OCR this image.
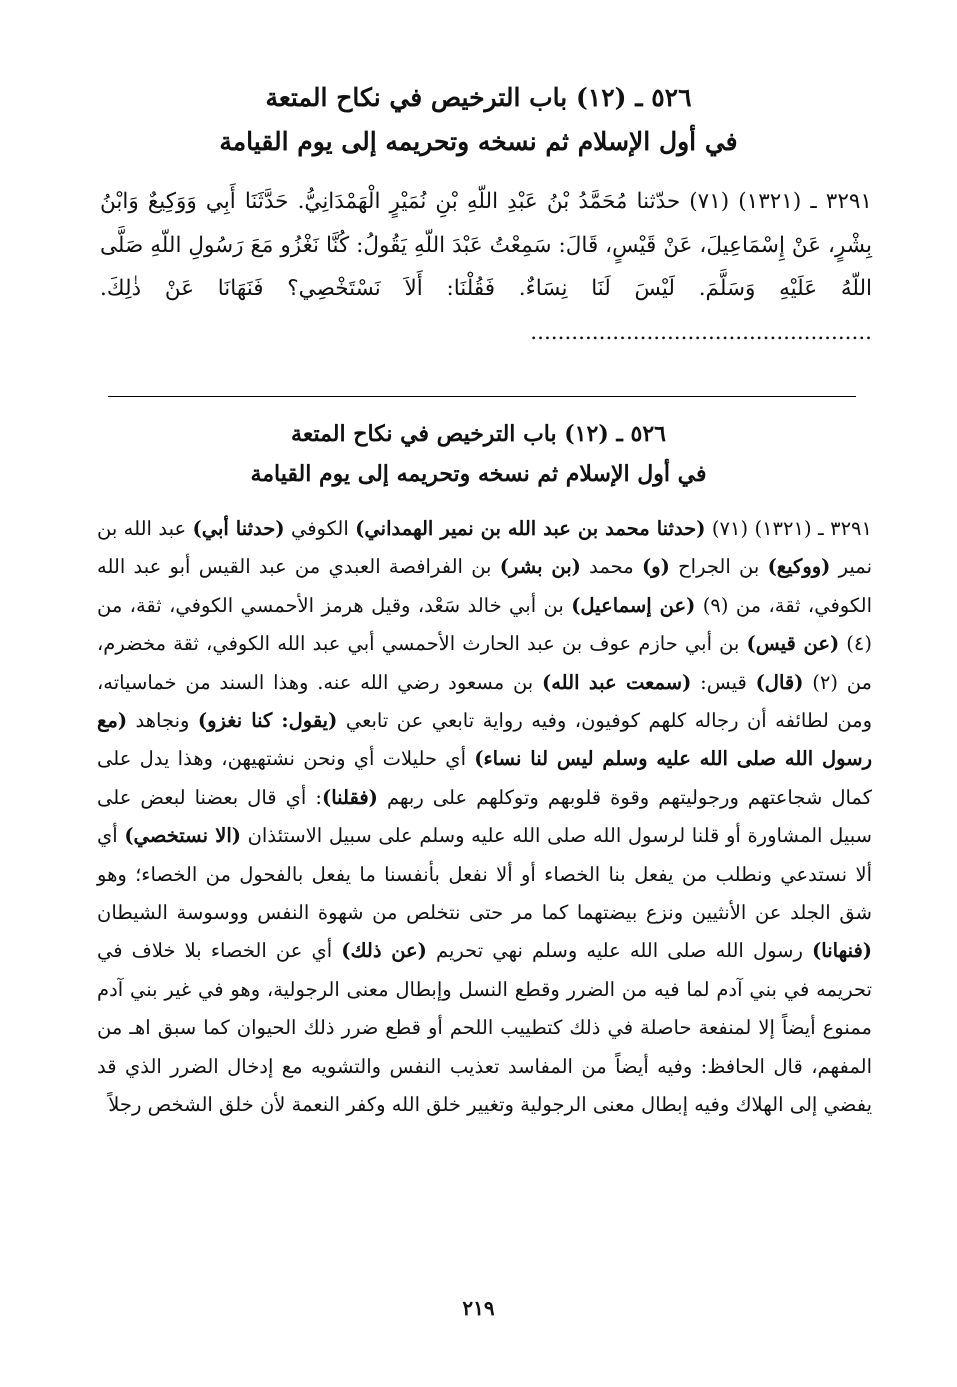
٥٢٦ ـ (١٢) باب الترخيص في نكاح المتعة
في أول الإسلام ثم نسخه وتحريمه إلى يوم القيامة
٣٢٩١ ـ (١٣٢١) (٧١) حدّثنا مُحَمَّدُ بْنُ عَبْدِ اللّهِ بْنِ نُمَيْرٍ الْهَمْدَانِيُّ. حَدَّثَنَا أَبِي وَوَكِيعٌ وَابْنُ بِشْرٍ، عَنْ إِسْمَاعِيلَ، عَنْ قَيْسٍ، قَالَ: سَمِعْتُ عَبْدَ اللّهِ يَقُولُ: كُنَّا نَغْزُو مَعَ رَسُولِ اللّهِ صَلَّى اللّهُ عَلَيْهِ وَسَلَّمَ. لَيْسَ لَنَا نِسَاءٌ. فَقُلْنَا: أَلاَ نَسْتَخْصِي؟ فَنَهَانَا عَنْ ذٰلِكَ. ..................................................
٥٢٦ ـ (١٢) باب الترخيص في نكاح المتعة
في أول الإسلام ثم نسخه وتحريمه إلى يوم القيامة
٣٢٩١ ـ (١٣٢١) (٧١) (حدثنا محمد بن عبد الله بن نمير الهمداني) الكوفي (حدثنا أبي) عبد الله بن نمير (ووكيع) بن الجراح (و) محمد (بن بشر) بن الفرافصة العبدي من عبد القيس أبو عبد الله الكوفي، ثقة، من (٩) (عن إسماعيل) بن أبي خالد سَعْد، وقيل هرمز الأحمسي الكوفي، ثقة، من (٤) (عن قيس) بن أبي حازم عوف بن عبد الحارث الأحمسي أبي عبد الله الكوفي، ثقة مخضرم، من (٢) (قال) قيس: (سمعت عبد الله) بن مسعود رضي الله عنه. وهذا السند من خماسياته، ومن لطائفه أن رجاله كلهم كوفيون، وفيه رواية تابعي عن تابعي (يقول: كنا نغزو) ونجاهد (مع رسول الله صلى الله عليه وسلم ليس لنا نساء) أي حليلات أي ونحن نشتهيهن، وهذا يدل على كمال شجاعتهم ورجوليتهم وقوة قلوبهم وتوكلهم على ربهم (فقلنا): أي قال بعضنا لبعض على سبيل المشاورة أو قلنا لرسول الله صلى الله عليه وسلم على سبيل الاستئذان (الا نستخصي) أي ألا نستدعي ونطلب من يفعل بنا الخصاء أو ألا نفعل بأنفسنا ما يفعل بالفحول من الخصاء؛ وهو شق الجلد عن الأنثيين ونزع بيضتهما كما مر حتى نتخلص من شهوة النفس ووسوسة الشيطان (فنهانا) رسول الله صلى الله عليه وسلم نهي تحريم (عن ذلك) أي عن الخصاء بلا خلاف في تحريمه في بني آدم لما فيه من الضرر وقطع النسل وإبطال معنى الرجولية، وهو في غير بني آدم ممنوع أيضاً إلا لمنفعة حاصلة في ذلك كتطييب اللحم أو قطع ضرر ذلك الحيوان كما سبق اهـ من المفهم، قال الحافظ: وفيه أيضاً من المفاسد تعذيب النفس والتشويه مع إدخال الضرر الذي قد يفضي إلى الهلاك وفيه إبطال معنى الرجولية وتغيير خلق الله وكفر النعمة لأن خلق الشخص رجلاً
٢١٩
